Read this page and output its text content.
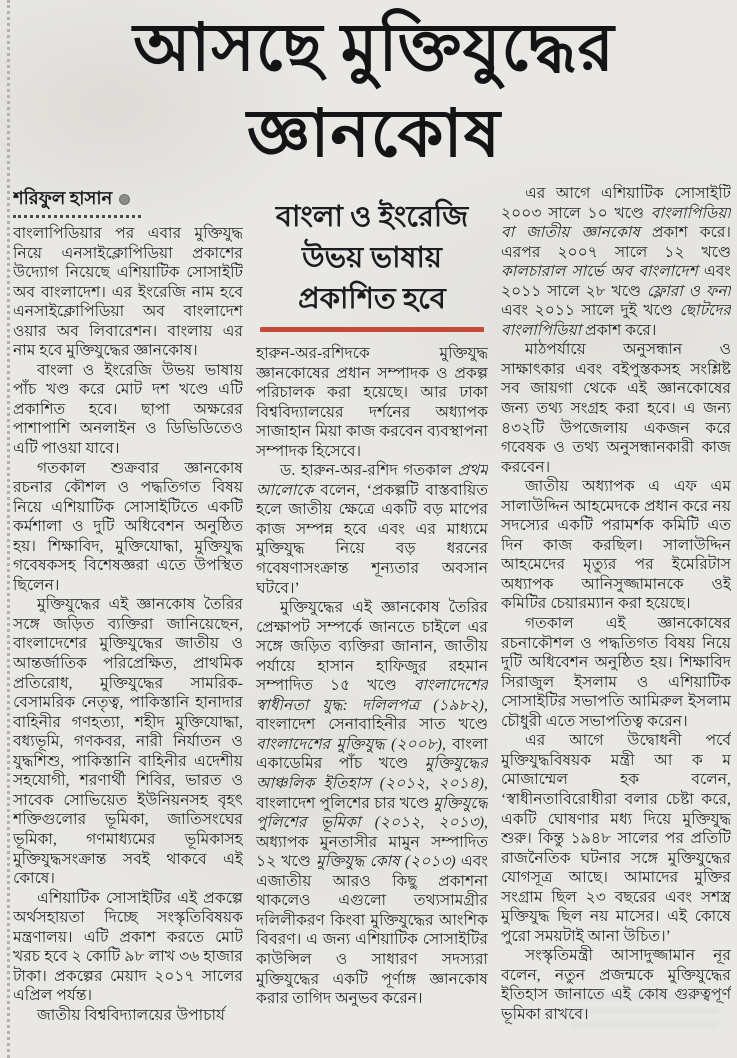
আসছে মুক্তিযুদ্ধের
জ্ঞানকোষ
শরিফুল হাসান

বাংলাপিডিয়ার পর এবার মুক্তিযুদ্ধ নিয়ে এনসাইক্লোপিডিয়া প্রকাশের উদ্যোগ নিয়েছে এশিয়াটিক সোসাইটি অব বাংলাদেশ। এর ইংরেজি নাম হবে এনসাইক্লোপিডিয়া অব বাংলাদেশ ওয়ার অব লিবারেশন। বাংলায় এর নাম হবে মুক্তিযুদ্ধের জ্ঞানকোষ।

বাংলা ও ইংরেজি উভয় ভাষায় পাঁচ খণ্ড করে মোট দশ খণ্ডে এটি প্রকাশিত হবে। ছাপা অক্ষরের পাশাপাশি অনলাইন ও ডিভিডিতেও এটি পাওয়া যাবে।

গতকাল শুক্রবার জ্ঞানকোষ রচনার কৌশল ও পদ্ধতিগত বিষয় নিয়ে এশিয়াটিক সোসাইটিতে একটি কর্মশালা ও দুটি অধিবেশন অনুষ্ঠিত হয়। শিক্ষাবিদ, মুক্তিযোদ্ধা, মুক্তিযুদ্ধ গবেষকসহ বিশেষজ্ঞরা এতে উপস্থিত ছিলেন।

মুক্তিযুদ্ধের এই জ্ঞানকোষ তৈরির সঙ্গে জড়িত ব্যক্তিরা জানিয়েছেন, বাংলাদেশের মুক্তিযুদ্ধের জাতীয় ও আন্তর্জাতিক পরিপ্রেক্ষিত, প্রাথমিক প্রতিরোধ, মুক্তিযুদ্ধের সামরিক-বেসামরিক নেতৃত্ব, পাকিস্তানি হানাদার বাহিনীর গণহত্যা, শহীদ মুক্তিযোদ্ধা, বধ্যভূমি, গণকবর, নারী নির্যাতন ও যুদ্ধশিশু, পাকিস্তানি বাহিনীর এদেশীয় সহযোগী, শরণার্থী শিবির, ভারত ও সাবেক সোভিয়েত ইউনিয়নসহ বৃহৎ শক্তিগুলোর ভূমিকা, জাতিসংঘের ভূমিকা, গণমাধ্যমের ভূমিকাসহ মুক্তিযুদ্ধসংক্রান্ত সবই থাকবে এই কোষে।

এশিয়াটিক সোসাইটির এই প্রকল্পে অর্থসহায়তা দিচ্ছে সংস্কৃতিবিষয়ক মন্ত্রণালয়। এটি প্রকাশ করতে মোট খরচ হবে ২ কোটি ৯৮ লাখ ৩৬ হাজার টাকা। প্রকল্পের মেয়াদ ২০১৭ সালের এপ্রিল পর্যন্ত।

জাতীয় বিশ্ববিদ্যালয়ের উপাচার্য

বাংলা ও ইংরেজি উভয় ভাষায় প্রকাশিত হবে

হারুন-অর-রশিদকে মুক্তিযুদ্ধ জ্ঞানকোষের প্রধান সম্পাদক ও প্রকল্প পরিচালক করা হয়েছে। আর ঢাকা বিশ্ববিদ্যালয়ের দর্শনের অধ্যাপক সাজাহান মিয়া কাজ করবেন ব্যবস্থাপনা সম্পাদক হিসেবে।

ড. হারুন-অর-রশিদ গতকাল প্রথম আলোকে বলেন, ‘প্রকল্পটি বাস্তবায়িত হলে জাতীয় ক্ষেত্রে একটি বড় মাপের কাজ সম্পন্ন হবে এবং এর মাধ্যমে মুক্তিযুদ্ধ নিয়ে বড় ধরনের গবেষণাসংক্রান্ত শূন্যতার অবসান ঘটবে।’

মুক্তিযুদ্ধের এই জ্ঞানকোষ তৈরির প্রেক্ষাপট সম্পর্কে জানতে চাইলে এর সঙ্গে জড়িত ব্যক্তিরা জানান, জাতীয় পর্যায়ে হাসান হাফিজুর রহমান সম্পাদিত ১৫ খণ্ডে বাংলাদেশের স্বাধীনতা যুদ্ধ: দলিলপত্র (১৯৮২), বাংলাদেশ সেনাবাহিনীর সাত খণ্ডে বাংলাদেশের মুক্তিযুদ্ধ (২০০৮), বাংলা একাডেমির পাঁচ খণ্ডে মুক্তিযুদ্ধের আঞ্চলিক ইতিহাস (২০১২, ২০১৪), বাংলাদেশ পুলিশের চার খণ্ডে মুক্তিযুদ্ধে পুলিশের ভূমিকা (২০১২, ২০১৩), অধ্যাপক মুনতাসীর মামুন সম্পাদিত ১২ খণ্ডে মুক্তিযুদ্ধ কোষ (২০১৩) এবং এজাতীয় আরও কিছু প্রকাশনা থাকলেও এগুলো তথ্যসামগ্রীর দলিলীকরণ কিংবা মুক্তিযুদ্ধের আংশিক বিবরণ। এ জন্য এশিয়াটিক সোসাইটির কাউন্সিল ও সাধারণ সদস্যরা মুক্তিযুদ্ধের একটি পূর্ণাঙ্গ জ্ঞানকোষ করার তাগিদ অনুভব করেন।

এর আগে এশিয়াটিক সোসাইটি ২০০৩ সালে ১০ খণ্ডে বাংলাপিডিয়া বা জাতীয় জ্ঞানকোষ প্রকাশ করে। এরপর ২০০৭ সালে ১২ খণ্ডে কালচারাল সার্ভে অব বাংলাদেশ এবং ২০১১ সালে ২৮ খণ্ডে ফ্লোরা ও ফনা এবং ২০১১ সালে দুই খণ্ডে ছোটদের বাংলাপিডিয়া প্রকাশ করে।

মাঠপর্যায়ে অনুসন্ধান ও সাক্ষাৎকার এবং বইপুস্তকসহ সংশ্লিষ্ট সব জায়গা থেকে এই জ্ঞানকোষের জন্য তথ্য সংগ্রহ করা হবে। এ জন্য ৪৩২টি উপজেলায় একজন করে গবেষক ও তথ্য অনুসন্ধানকারী কাজ করবেন।

জাতীয় অধ্যাপক এ এফ এম সালাউদ্দিন আহমেদকে প্রধান করে নয় সদস্যের একটি পরামর্শক কমিটি এত দিন কাজ করছিল। সালাউদ্দিন আহমেদের মৃত্যুর পর ইমেরিটাস অধ্যাপক আনিসুজ্জামানকে ওই কমিটির চেয়ারম্যান করা হয়েছে।

গতকাল এই জ্ঞানকোষের রচনাকৌশল ও পদ্ধতিগত বিষয় নিয়ে দুটি অধিবেশন অনুষ্ঠিত হয়। শিক্ষাবিদ সিরাজুল ইসলাম ও এশিয়াটিক সোসাইটির সভাপতি আমিরুল ইসলাম চৌধুরী এতে সভাপতিত্ব করেন।

এর আগে উদ্বোধনী পর্বে মুক্তিযুদ্ধবিষয়ক মন্ত্রী আ ক ম মোজাম্মেল হক বলেন, ‘স্বাধীনতাবিরোধীরা বলার চেষ্টা করে, একটি ঘোষণার মধ্য দিয়ে মুক্তিযুদ্ধ শুরু। কিন্তু ১৯৪৮ সালের পর প্রতিটি রাজনৈতিক ঘটনার সঙ্গে মুক্তিযুদ্ধের যোগসূত্র আছে। আমাদের মুক্তির সংগ্রাম ছিল ২৩ বছরের এবং সশস্ত্র মুক্তিযুদ্ধ ছিল নয় মাসের। এই কোষে পুরো সময়টাই আনা উচিত।’

সংস্কৃতিমন্ত্রী আসাদুজ্জামান নূর বলেন, নতুন প্রজন্মকে মুক্তিযুদ্ধের ইতিহাস জানাতে এই কোষ গুরুত্বপূর্ণ ভূমিকা রাখবে।
